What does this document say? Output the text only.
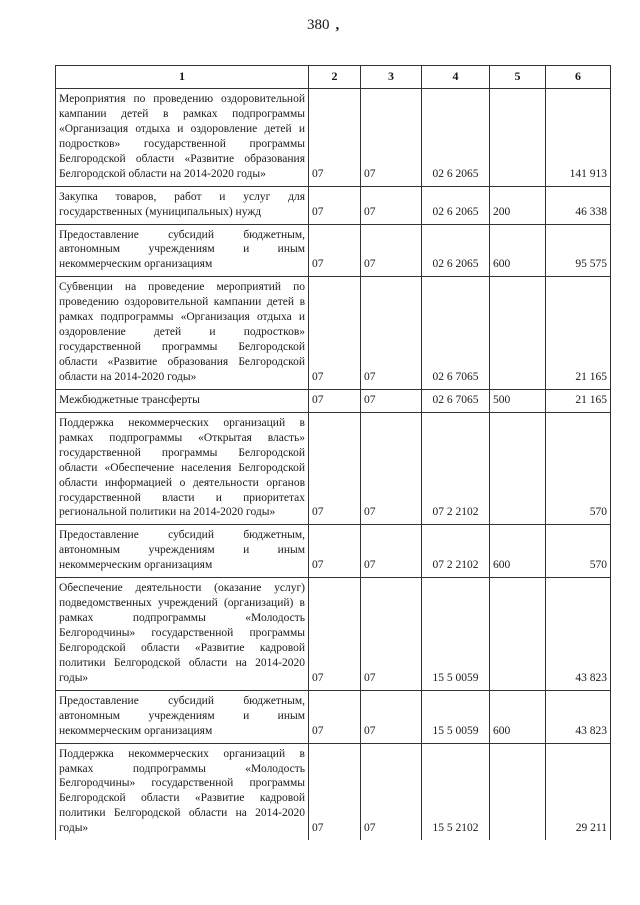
380 ,
1	2	3	4	5	6
Мероприятия по проведению оздоровительной кампании детей в рамках подпрограммы «Организация отдыха и оздоровление детей и подростков» государственной программы Белгородской области «Развитие образования Белгородской области на 2014-2020 годы»	07	07	02 6 2065		141 913
Закупка товаров, работ и услуг для государственных (муниципальных) нужд	07	07	02 6 2065	200	46 338
Предоставление субсидий бюджетным, автономным учреждениям и иным некоммерческим организациям	07	07	02 6 2065	600	95 575
Субвенции на проведение мероприятий по проведению оздоровительной кампании детей в рамках подпрограммы «Организация отдыха и оздоровление детей и подростков» государственной программы Белгородской области «Развитие образования Белгородской области на 2014-2020 годы»	07	07	02 6 7065		21 165
Межбюджетные трансферты	07	07	02 6 7065	500	21 165
Поддержка некоммерческих организаций в рамках подпрограммы «Открытая власть» государственной программы Белгородской области «Обеспечение населения Белгородской области информацией о деятельности органов государственной власти и приоритетах региональной политики на 2014-2020 годы»	07	07	07 2 2102		570
Предоставление субсидий бюджетным, автономным учреждениям и иным некоммерческим организациям	07	07	07 2 2102	600	570
Обеспечение деятельности (оказание услуг) подведомственных учреждений (организаций) в рамках подпрограммы «Молодость Белгородчины» государственной программы Белгородской области «Развитие кадровой политики Белгородской области на 2014-2020 годы»	07	07	15 5 0059		43 823
Предоставление субсидий бюджетным, автономным учреждениям и иным некоммерческим организациям	07	07	15 5 0059	600	43 823
Поддержка некоммерческих организаций в рамках подпрограммы «Молодость Белгородчины» государственной программы Белгородской области «Развитие кадровой политики Белгородской области на 2014-2020 годы»	07	07	15 5 2102		29 211
